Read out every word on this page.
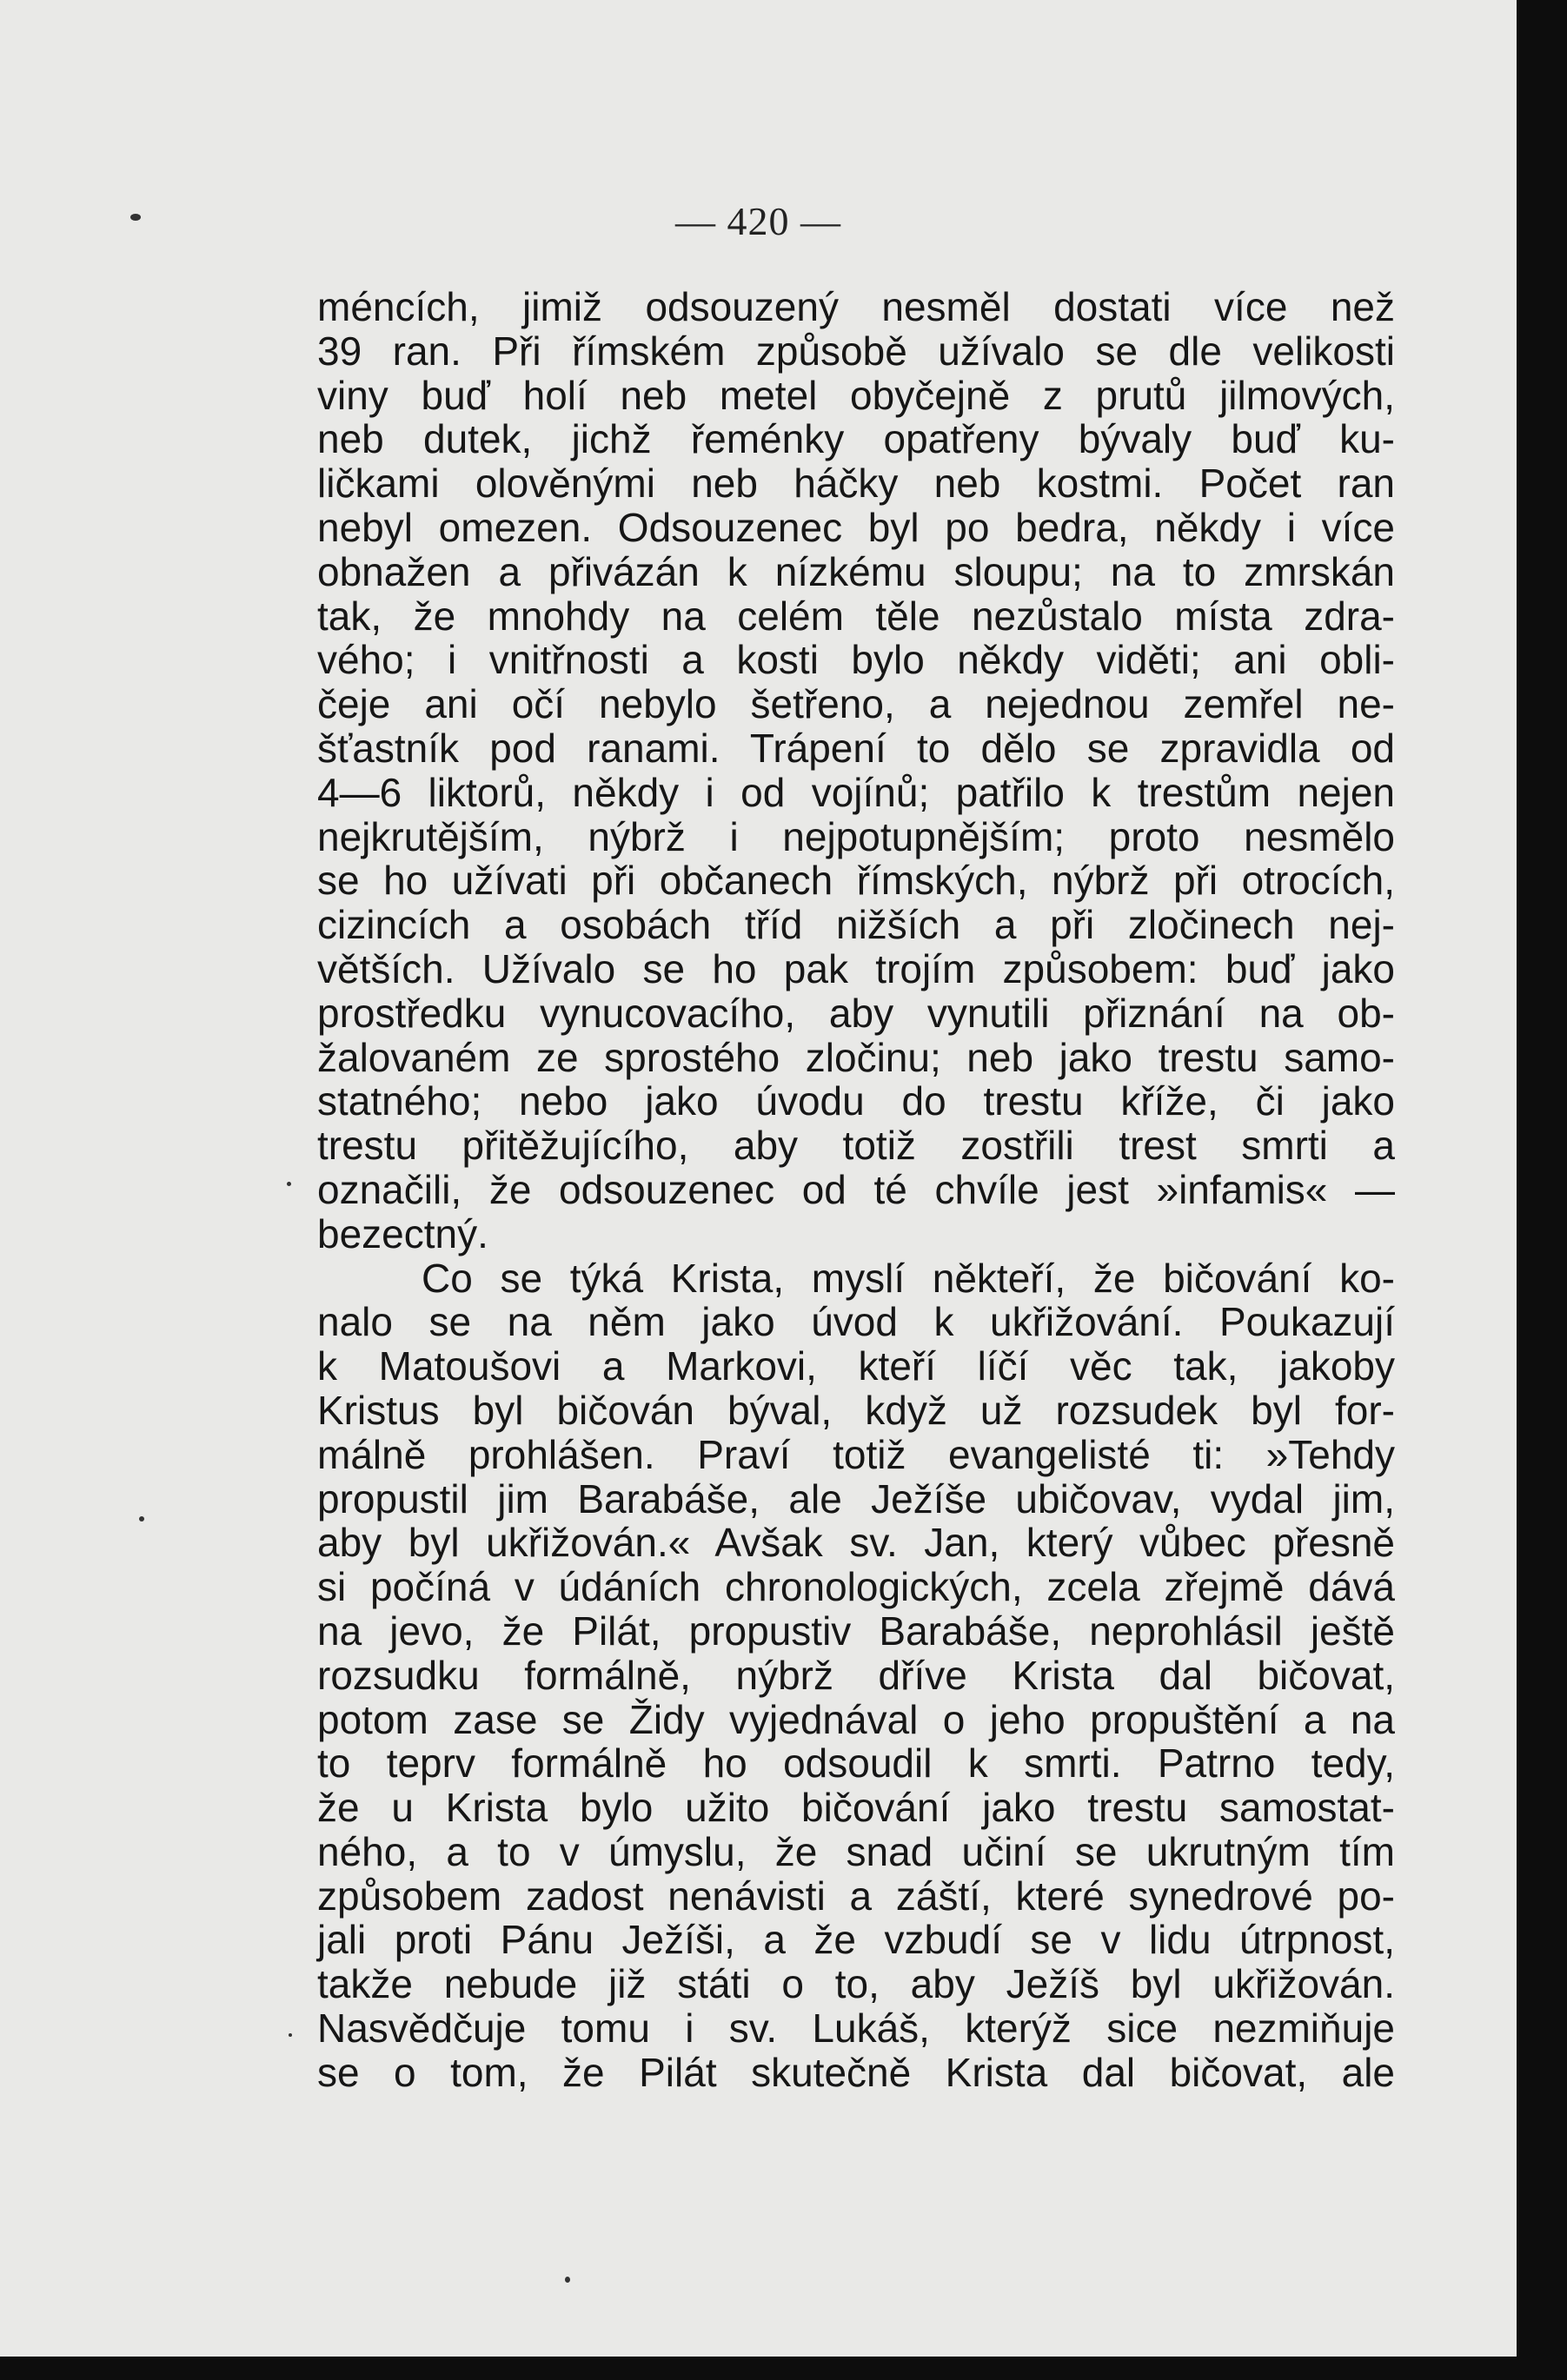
— 420 —
méncích, jimiž odsouzený nesměl dostati více než
39 ran. Při římském způsobě užívalo se dle velikosti
viny buď holí neb metel obyčejně z prutů jilmových,
neb dutek, jichž řeménky opatřeny bývaly buď ku-
ličkami olověnými neb háčky neb kostmi. Počet ran
nebyl omezen. Odsouzenec byl po bedra, někdy i více
obnažen a přivázán k nízkému sloupu; na to zmrskán
tak, že mnohdy na celém těle nezůstalo místa zdra-
vého; i vnitřnosti a kosti bylo někdy viděti; ani obli-
čeje ani očí nebylo šetřeno, a nejednou zemřel ne-
šťastník pod ranami. Trápení to dělo se zpravidla od
4—6 liktorů, někdy i od vojínů; patřilo k trestům nejen
nejkrutějším, nýbrž i nejpotupnějším; proto nesmělo
se ho užívati při občanech římských, nýbrž při otrocích,
cizincích a osobách tříd nižších a při zločinech nej-
větších. Užívalo se ho pak trojím způsobem: buď jako
prostředku vynucovacího, aby vynutili přiznání na ob-
žalovaném ze sprostého zločinu; neb jako trestu samo-
statného; nebo jako úvodu do trestu kříže, či jako
trestu přitěžujícího, aby totiž zostřili trest smrti a
označili, že odsouzenec od té chvíle jest »infamis« —
bezectný.
Co se týká Krista, myslí někteří, že bičování ko-
nalo se na něm jako úvod k ukřižování. Poukazují
k Matoušovi a Markovi, kteří líčí věc tak, jakoby
Kristus byl bičován býval, když už rozsudek byl for-
málně prohlášen. Praví totiž evangelisté ti: »Tehdy
propustil jim Barabáše, ale Ježíše ubičovav, vydal jim,
aby byl ukřižován.« Avšak sv. Jan, který vůbec přesně
si počíná v údáních chronologických, zcela zřejmě dává
na jevo, že Pilát, propustiv Barabáše, neprohlásil ještě
rozsudku formálně, nýbrž dříve Krista dal bičovat,
potom zase se Židy vyjednával o jeho propuštění a na
to teprv formálně ho odsoudil k smrti. Patrno tedy,
že u Krista bylo užito bičování jako trestu samostat-
ného, a to v úmyslu, že snad učiní se ukrutným tím
způsobem zadost nenávisti a záští, které synedrové po-
jali proti Pánu Ježíši, a že vzbudí se v lidu útrpnost,
takže nebude již státi o to, aby Ježíš byl ukřižován.
Nasvědčuje tomu i sv. Lukáš, kterýž sice nezmiňuje
se o tom, že Pilát skutečně Krista dal bičovat, ale
